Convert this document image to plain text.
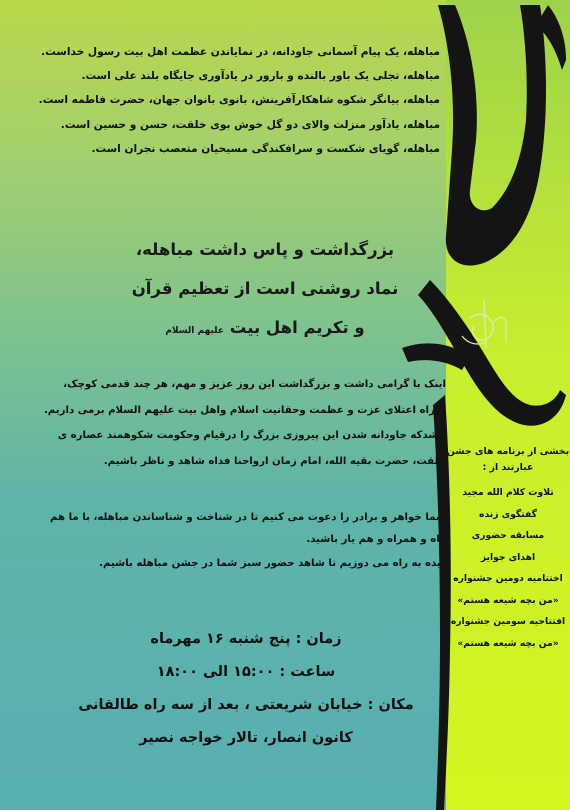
مباهله، یک پیام آسمانی جاودانه، در نمایاندن عظمت اهل بیت رسول خداست.
مباهله، تجلی یک باور بالنده و بارور در یادآوری جایگاه بلند علی است.
مباهله، بیانگر شکوه شاهکارآفرینش، بانوی بانوان جهان، حضرت فاطمه است.
مباهله، یادآور منزلت والای دو گل خوش بوی خلقت، حسن و حسین است.
مباهله، گویای شکست و سرافکندگی مسیحیان متعصب نجران است.
بزرگداشت و پاس داشت مباهله،
نماد روشنی است از تعظیم قرآن
و تکریم اهل بیت علیهم السلام
اینک با گرامی داشت و بزرگداشت این روز عزیز و مهم، هر چند قدمی کوچک،
درراه اعتلای عزت و عظمت وحقانیت اسلام واهل بیت علیهم السلام برمی داریم.
باشدکه جاودانه شدن این پیروزی بزرگ را درقیام وحکومت شکوهمند عصاره ی
خلقت، حضرت بقیه الله، امام زمان ارواحنا فداه شاهد و ناظر باشیم.
شما خواهر و برادر را دعوت می کنیم تا در شناخت و شناساندن مباهله، با ما هم
گاه و همراه و هم یار باشید.
دیده به راه می دوزیم تا شاهد حضور سبز شما در جشن مباهله باشیم.
زمان : پنج شنبه ۱۶ مهرماه
ساعت : ۱۵:۰۰ الی ۱۸:۰۰
مکان : خیابان شریعتی ، بعد از سه راه طالقانی
کانون انصار، تالار خواجه نصیر
بخشی از برنامه های جشن
عبارتند از :
تلاوت کلام الله مجید
گفتگوی زنده
مسابقه حضوری
اهدای جوایز
اختتامیه دومین جشنواره
«من بچه شیعه هستم»
افتتاحیه سومین جشنواره
«من بچه شیعه هستم»
